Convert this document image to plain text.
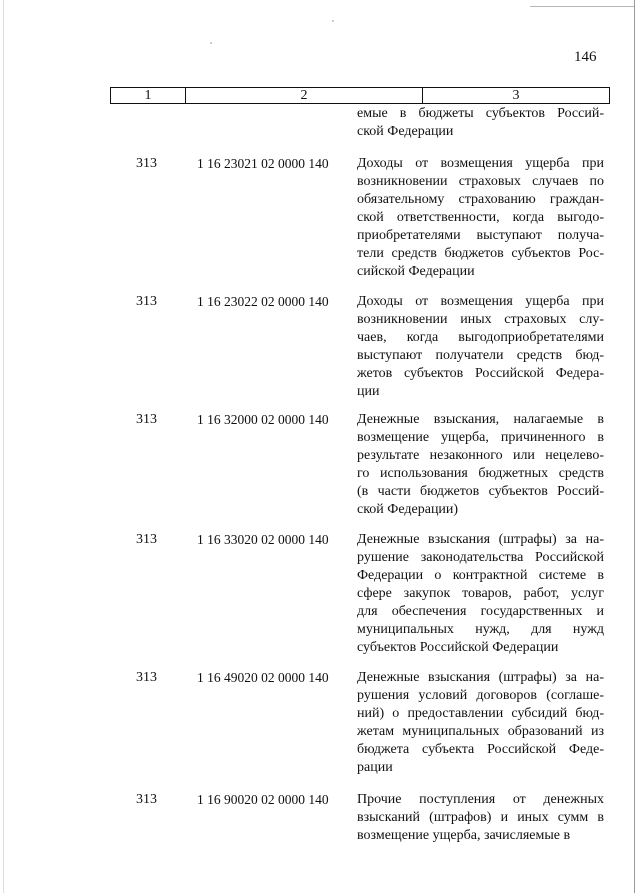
146
1	2	3
емые в бюджеты субъектов Россий-
ской Федерации
313	1 16 23021 02 0000 140	Доходы от возмещения ущерба при
возникновении страховых случаев по
обязательному страхованию граждан-
ской ответственности, когда выгодо-
приобретателями выступают получа-
тели средств бюджетов субъектов Рос-
сийской Федерации
313	1 16 23022 02 0000 140	Доходы от возмещения ущерба при
возникновении иных страховых слу-
чаев, когда выгодоприобретателями
выступают получатели средств бюд-
жетов субъектов Российской Федера-
ции
313	1 16 32000 02 0000 140	Денежные взыскания, налагаемые в
возмещение ущерба, причиненного в
результате незаконного или нецелево-
го использования бюджетных средств
(в части бюджетов субъектов Россий-
ской Федерации)
313	1 16 33020 02 0000 140	Денежные взыскания (штрафы) за на-
рушение законодательства Российской
Федерации о контрактной системе в
сфере закупок товаров, работ, услуг
для обеспечения государственных и
муниципальных нужд, для нужд
субъектов Российской Федерации
313	1 16 49020 02 0000 140	Денежные взыскания (штрафы) за на-
рушения условий договоров (соглаше-
ний) о предоставлении субсидий бюд-
жетам муниципальных образований из
бюджета субъекта Российской Феде-
рации
313	1 16 90020 02 0000 140	Прочие поступления от денежных
взысканий (штрафов) и иных сумм в
возмещение ущерба, зачисляемые в
